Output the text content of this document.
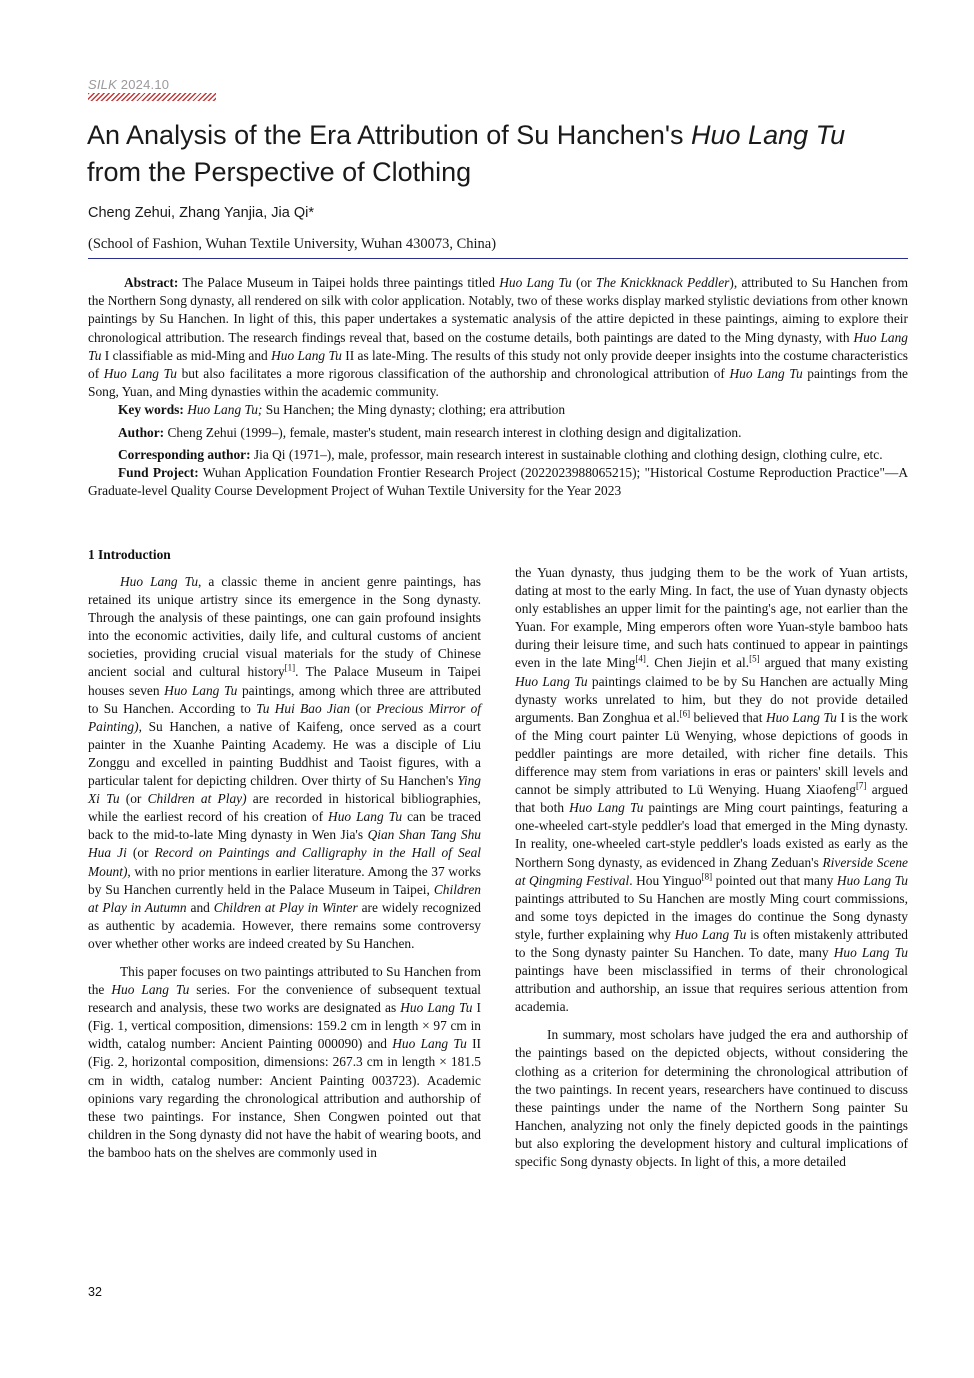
SILK 2024.10
An Analysis of the Era Attribution of Su Hanchen's Huo Lang Tu
from the Perspective of Clothing
Cheng Zehui, Zhang Yanjia, Jia Qi*
(School of Fashion, Wuhan Textile University, Wuhan 430073, China)

Abstract: The Palace Museum in Taipei holds three paintings titled Huo Lang Tu (or The Knickknack Peddler), attributed to Su Hanchen from the Northern Song dynasty, all rendered on silk with color application. Notably, two of these works display marked stylistic deviations from other known paintings by Su Hanchen. In light of this, this paper undertakes a systematic analysis of the attire depicted in these paintings, aiming to explore their chronological attribution. The research findings reveal that, based on the costume details, both paintings are dated to the Ming dynasty, with Huo Lang Tu I classifiable as mid-Ming and Huo Lang Tu II as late-Ming. The results of this study not only provide deeper insights into the costume characteristics of Huo Lang Tu but also facilitates a more rigorous classification of the authorship and chronological attribution of Huo Lang Tu paintings from the Song, Yuan, and Ming dynasties within the academic community.

Key words: Huo Lang Tu; Su Hanchen; the Ming dynasty; clothing; era attribution

Author: Cheng Zehui (1999–), female, master's student, main research interest in clothing design and digitalization.

Corresponding author: Jia Qi (1971–), male, professor, main research interest in sustainable clothing and clothing design, clothing culre, etc.

Fund Project: Wuhan Application Foundation Frontier Research Project (2022023988065215); "Historical Costume Reproduction Practice"—A Graduate-level Quality Course Development Project of Wuhan Textile University for the Year 2023

1 Introduction

Huo Lang Tu, a classic theme in ancient genre paintings, has retained its unique artistry since its emergence in the Song dynasty. Through the analysis of these paintings, one can gain profound insights into the economic activities, daily life, and cultural customs of ancient societies, providing crucial visual materials for the study of Chinese ancient social and cultural history[1]. The Palace Museum in Taipei houses seven Huo Lang Tu paintings, among which three are attributed to Su Hanchen. According to Tu Hui Bao Jian (or Precious Mirror of Painting), Su Hanchen, a native of Kaifeng, once served as a court painter in the Xuanhe Painting Academy. He was a disciple of Liu Zonggu and excelled in painting Buddhist and Taoist figures, with a particular talent for depicting children. Over thirty of Su Hanchen's Ying Xi Tu (or Children at Play) are recorded in historical bibliographies, while the earliest record of his creation of Huo Lang Tu can be traced back to the mid-to-late Ming dynasty in Wen Jia's Qian Shan Tang Shu Hua Ji (or Record on Paintings and Calligraphy in the Hall of Seal Mount), with no prior mentions in earlier literature. Among the 37 works by Su Hanchen currently held in the Palace Museum in Taipei, Children at Play in Autumn and Children at Play in Winter are widely recognized as authentic by academia. However, there remains some controversy over whether other works are indeed created by Su Hanchen.

This paper focuses on two paintings attributed to Su Hanchen from the Huo Lang Tu series. For the convenience of subsequent textual research and analysis, these two works are designated as Huo Lang Tu I (Fig. 1, vertical composition, dimensions: 159.2 cm in length × 97 cm in width, catalog number: Ancient Painting 000090) and Huo Lang Tu II (Fig. 2, horizontal composition, dimensions: 267.3 cm in length × 181.5 cm in width, catalog number: Ancient Painting 003723). Academic opinions vary regarding the chronological attribution and authorship of these two paintings. For instance, Shen Congwen pointed out that children in the Song dynasty did not have the habit of wearing boots, and the bamboo hats on the shelves are commonly used in

the Yuan dynasty, thus judging them to be the work of Yuan artists, dating at most to the early Ming. In fact, the use of Yuan dynasty objects only establishes an upper limit for the painting's age, not earlier than the Yuan. For example, Ming emperors often wore Yuan-style bamboo hats during their leisure time, and such hats continued to appear in paintings even in the late Ming[4]. Chen Jiejin et al.[5] argued that many existing Huo Lang Tu paintings claimed to be by Su Hanchen are actually Ming dynasty works unrelated to him, but they do not provide detailed arguments. Ban Zonghua et al.[6] believed that Huo Lang Tu I is the work of the Ming court painter Lü Wenying, whose depictions of goods in peddler paintings are more detailed, with richer fine details. This difference may stem from variations in eras or painters' skill levels and cannot be simply attributed to Lü Wenying. Huang Xiaofeng[7] argued that both Huo Lang Tu paintings are Ming court paintings, featuring a one-wheeled cart-style peddler's load that emerged in the Ming dynasty. In reality, one-wheeled cart-style peddler's loads existed as early as the Northern Song dynasty, as evidenced in Zhang Zeduan's Riverside Scene at Qingming Festival. Hou Yinguo[8] pointed out that many Huo Lang Tu paintings attributed to Su Hanchen are mostly Ming court commissions, and some toys depicted in the images do continue the Song dynasty style, further explaining why Huo Lang Tu is often mistakenly attributed to the Song dynasty painter Su Hanchen. To date, many Huo Lang Tu paintings have been misclassified in terms of their chronological attribution and authorship, an issue that requires serious attention from academia.

In summary, most scholars have judged the era and authorship of the paintings based on the depicted objects, without considering the clothing as a criterion for determining the chronological attribution of the two paintings. In recent years, researchers have continued to discuss these paintings under the name of the Northern Song painter Su Hanchen, analyzing not only the finely depicted goods in the paintings but also exploring the development history and cultural implications of specific Song dynasty objects. In light of this, a more detailed

32
